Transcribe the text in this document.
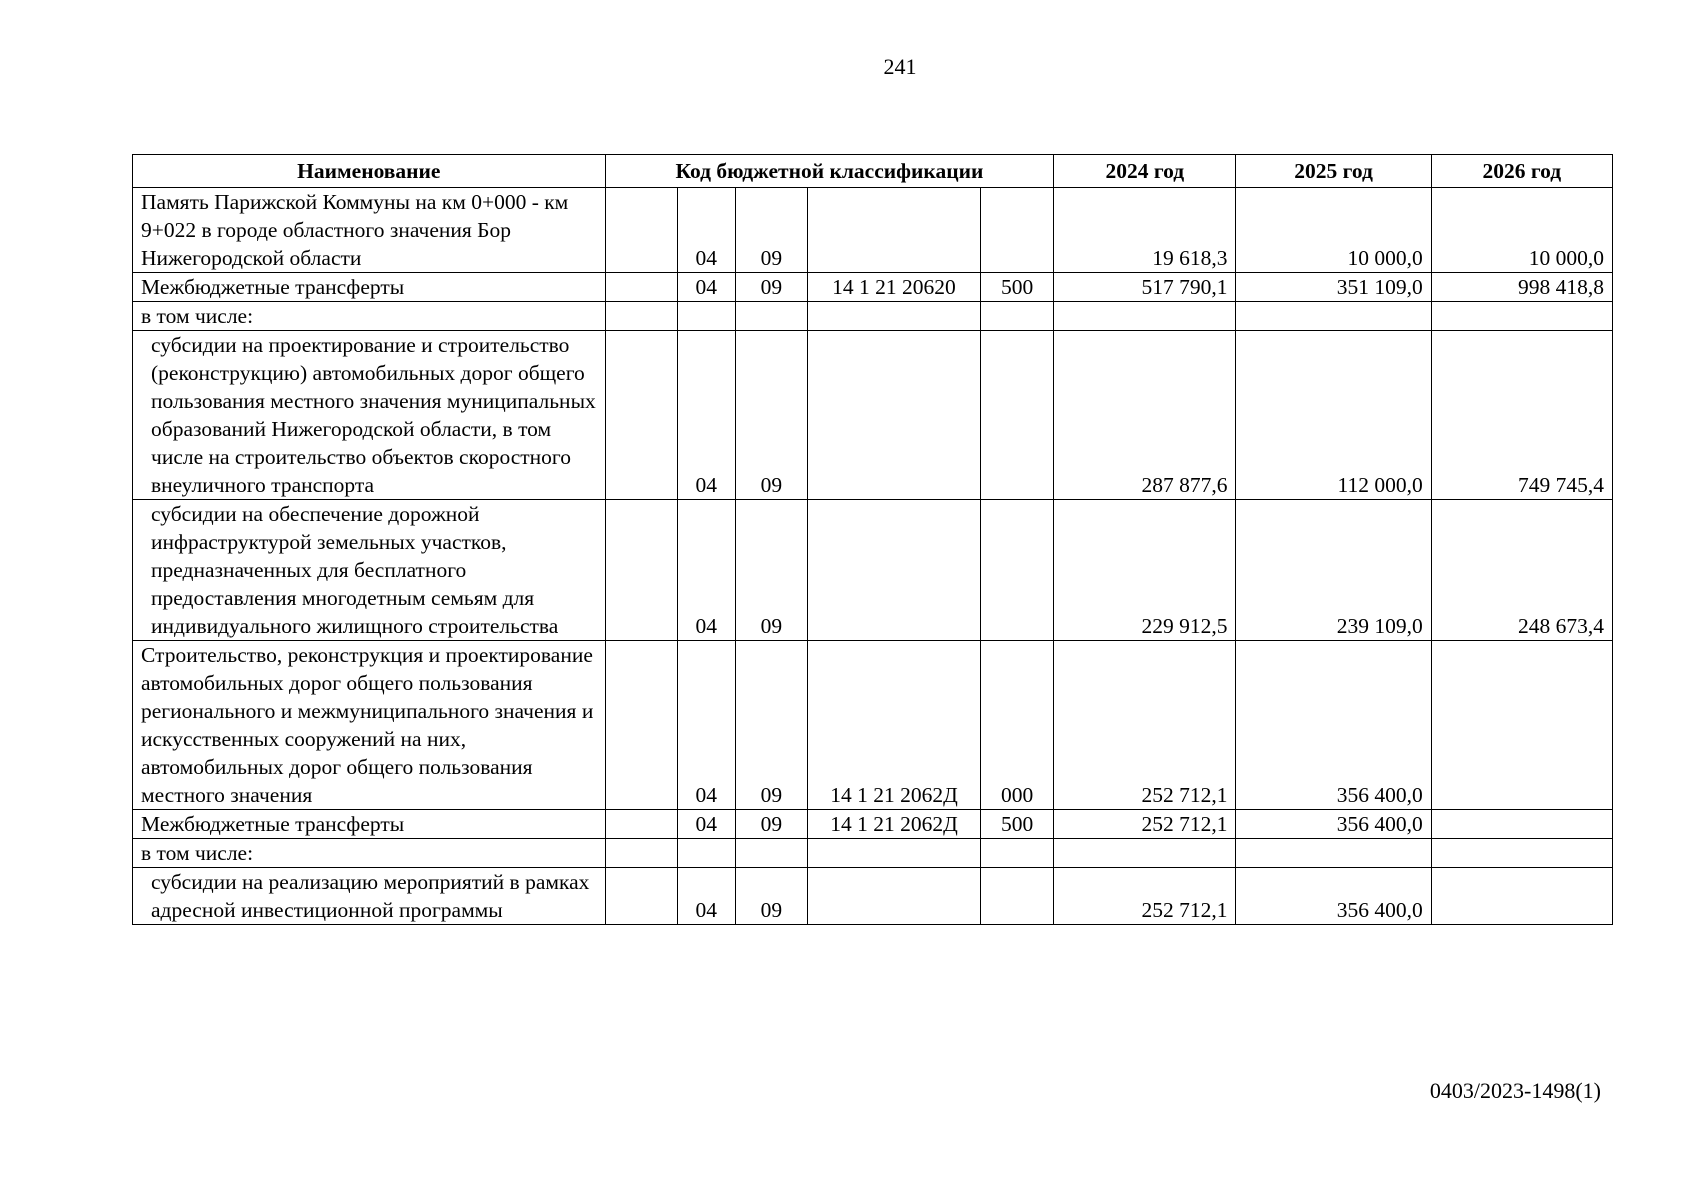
241
Наименование	Код бюджетной классификации					2024 год	2025 год	2026 год
Память Парижской Коммуны на км 0+000 - км 9+022 в городе областного значения Бор Нижегородской области		04	09			19 618,3	10 000,0	10 000,0
Межбюджетные трансферты		04	09	14 1 21 20620	500	517 790,1	351 109,0	998 418,8
в том числе:								
субсидии на проектирование и строительство (реконструкцию) автомобильных дорог общего пользования местного значения муниципальных образований Нижегородской области, в том числе на строительство объектов скоростного внеуличного транспорта		04	09			287 877,6	112 000,0	749 745,4
субсидии на обеспечение дорожной инфраструктурой земельных участков, предназначенных для бесплатного предоставления многодетным семьям для индивидуального жилищного строительства		04	09			229 912,5	239 109,0	248 673,4
Строительство, реконструкция и проектирование автомобильных дорог общего пользования регионального и межмуниципального значения и искусственных сооружений на них, автомобильных дорог общего пользования местного значения		04	09	14 1 21 2062Д	000	252 712,1	356 400,0	
Межбюджетные трансферты		04	09	14 1 21 2062Д	500	252 712,1	356 400,0	
в том числе:								
субсидии на реализацию мероприятий в рамках адресной инвестиционной программы		04	09			252 712,1	356 400,0	
0403/2023-1498(1)
